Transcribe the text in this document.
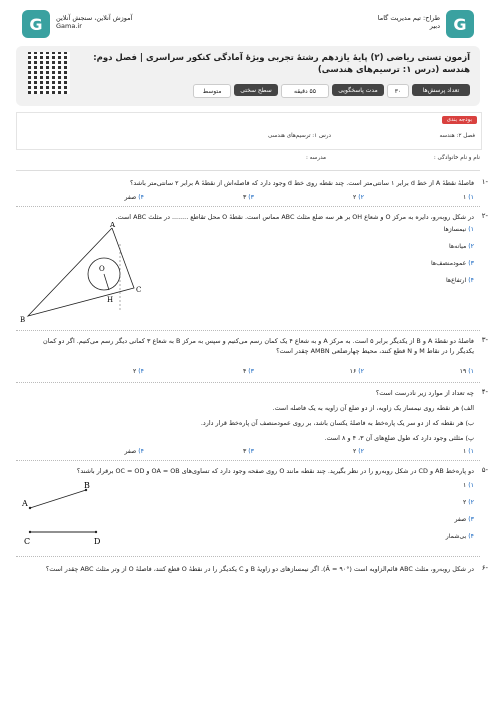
G
طراح: تیم مدیریت گاما
دبیر
G آموزش آنلاین، سنجش آنلاین
Gama.ir
آزمون تستی ریاضی (۲) پایهٔ یازدهم رشتهٔ تجربی ویژهٔ آمادگی کنکور سراسری | فصل دوم: هندسه (درس ۱: ترسیم‌های هندسی)
تعداد پرسش‌ها
۳۰
مدت پاسخگویی
۵۵ دقیقه
سطح سختی
متوسط
بودجه بندی
فصل ۲: هندسه
درس ۱: ترسیم‌های هندسی
نام و نام خانوادگی :
مدرسه :
۱-
فاصلهٔ نقطهٔ A از خط d برابر ۱ سانتی‌متر است. چند نقطه روی خط d وجود دارد که فاصله‌اش از نقطهٔ A برابر ۲ سانتی‌متر باشد؟
۱) ۱
۲) ۲
۳) ۳
۴) صفر
۲-
در شکل روبه‌رو، دایره به مرکز O و شعاع OH بر هر سه ضلع مثلث ABC مماس است. نقطهٔ O محل تقاطع ........ در مثلث ABC است.
۱) نیمسازها
۲) میانه‌ها
۳) عمودمنصف‌ها
۴) ارتفاع‌ها
A
O
C
H
B
۳-
فاصلهٔ دو نقطهٔ A و B از یکدیگر برابر ۵ است. به مرکز A و به شعاع ۴ یک کمان رسم می‌کنیم و سپس به مرکز B به شعاع ۳ کمانی دیگر رسم می‌کنیم. اگر دو کمان یکدیگر را در نقاط M و N قطع کنند، محیط چهارضلعی AMBN چقدر است؟
۱) ۱۹
۲) ۱۶
۳) ۴
۴) ۲
۴-
چه تعداد از موارد زیر نادرست است؟
الف) هر نقطه روی نیمساز یک زاویه، از دو ضلع آن زاویه به یک فاصله است.
ب) هر نقطه که از دو سر یک پاره‌خط به فاصلهٔ یکسان باشد، بر روی عمودمنصف آن پاره‌خط قرار دارد.
پ) مثلثی وجود دارد که طول ضلع‌های آن ۳، ۴ و ۸ است.
۱) ۱
۲) ۲
۳) ۳
۴) صفر
۵-
دو پاره‌خط AB و CD در شکل روبه‌رو را در نظر بگیرید. چند نقطه مانند O روی صفحه وجود دارد که تساوی‌های OA = OB و OC = OD برقرار باشند؟
۱) ۱
۲) ۲
۳) صفر
۴) بی‌شمار
A
B
C	D
۶-
در شکل روبه‌رو، مثلث ABC قائم‌الزاویه است (Â = ۹۰°). اگر نیمسازهای دو زاویهٔ B و C یکدیگر را در نقطهٔ O قطع کنند، فاصلهٔ O از وتر مثلث ABC چقدر است؟
